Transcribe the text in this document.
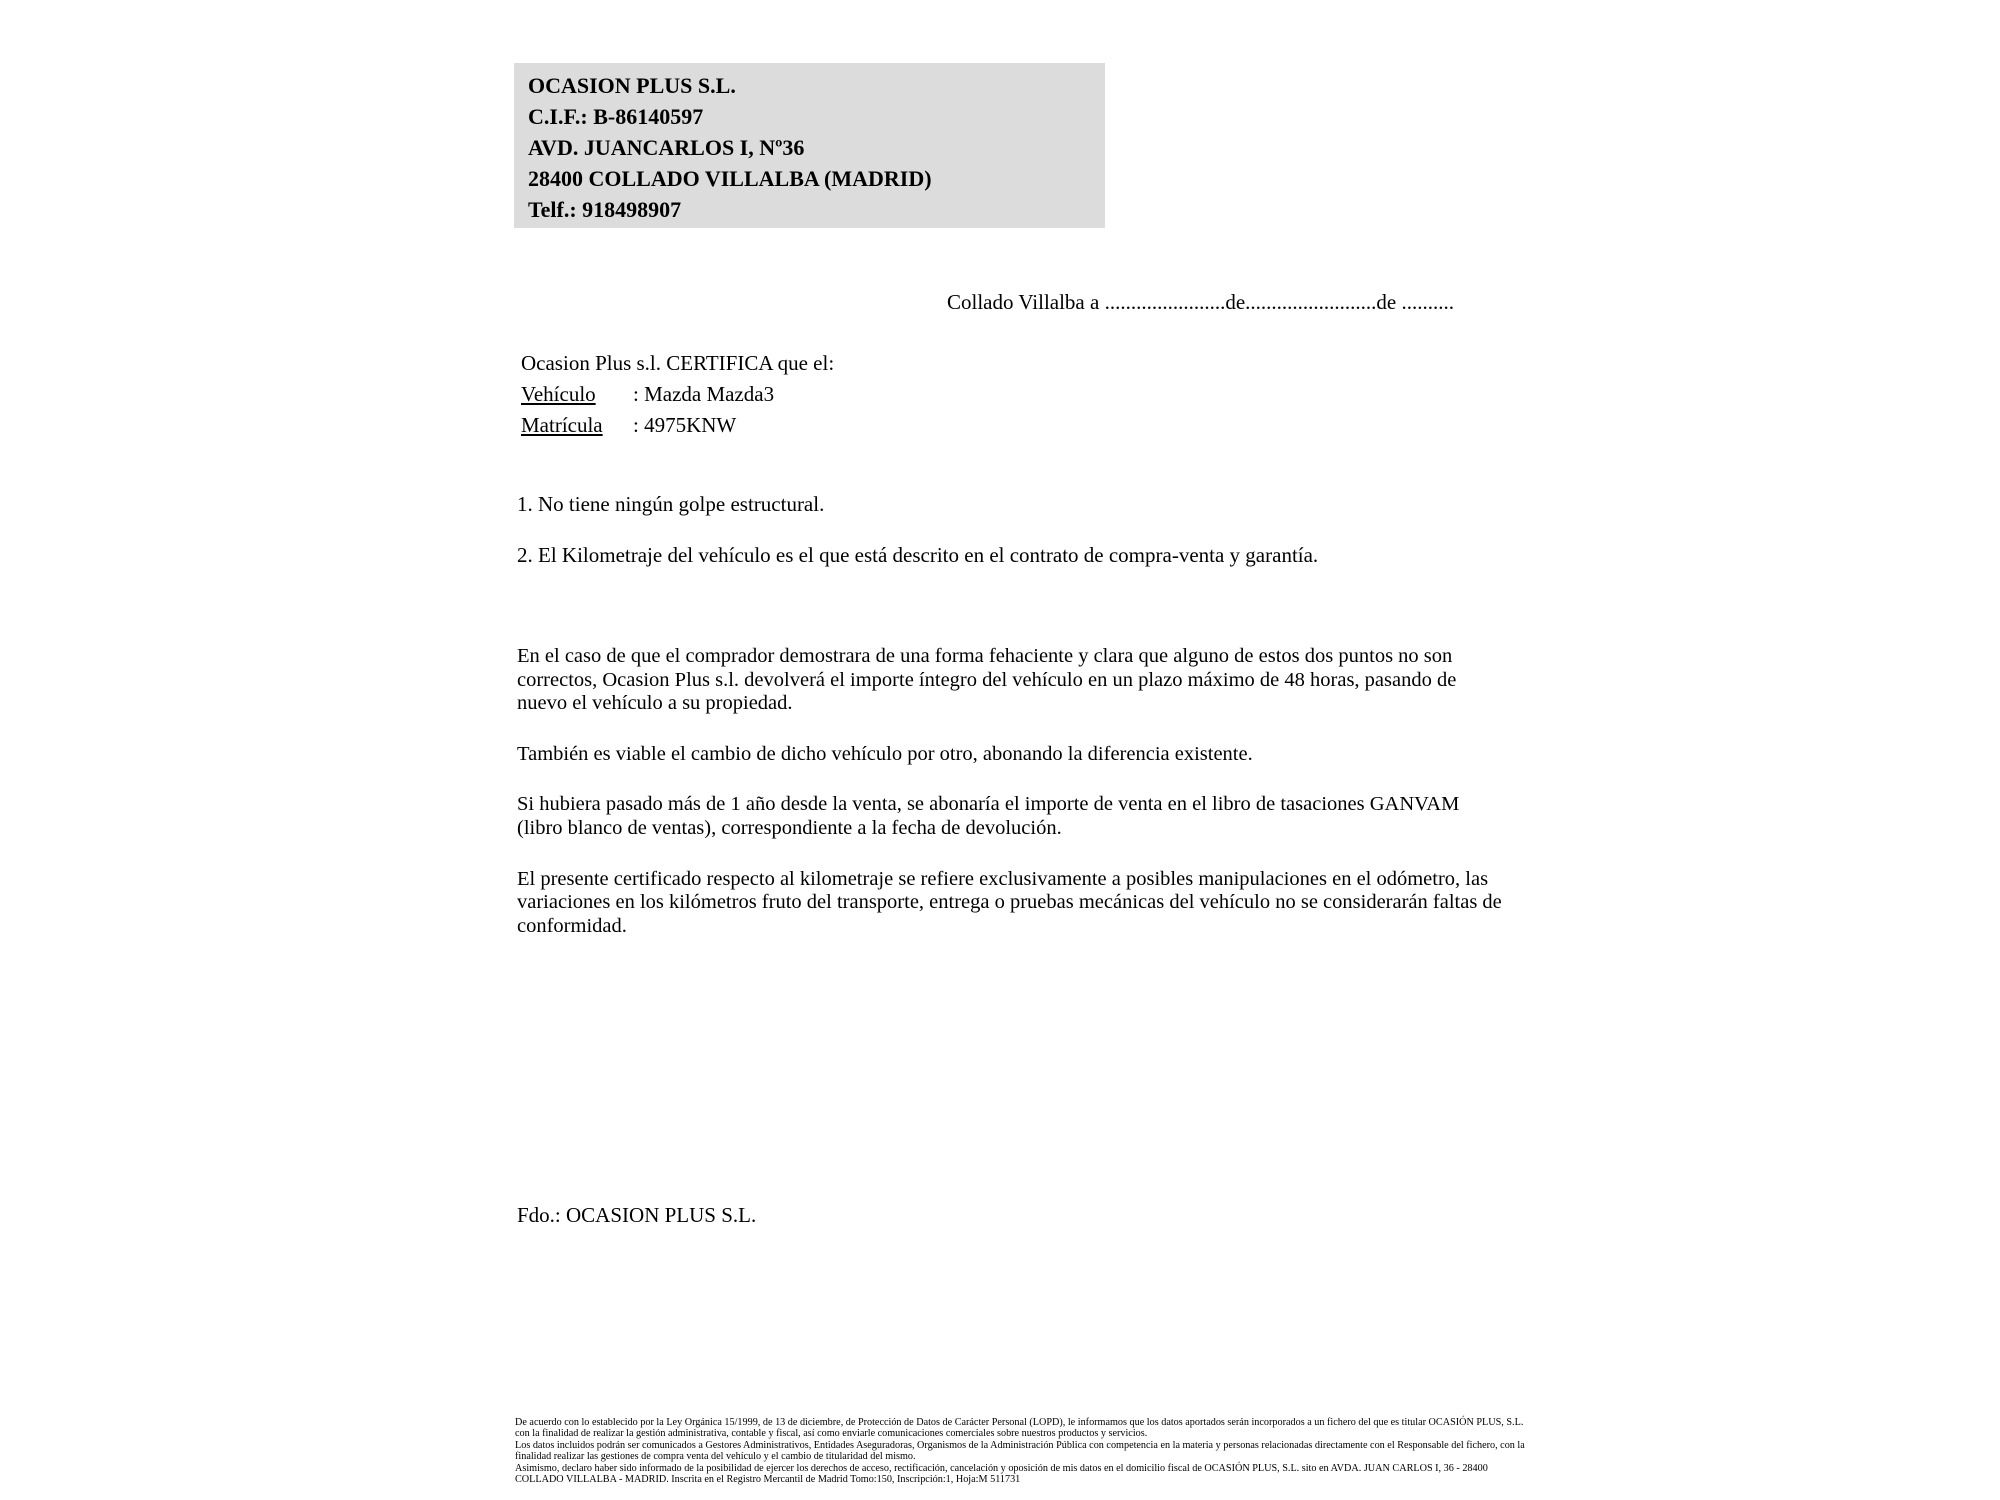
OCASION PLUS S.L.
C.I.F.: B-86140597
AVD. JUANCARLOS I, Nº36
28400 COLLADO VILLALBA (MADRID)
Telf.: 918498907
Collado Villalba a .......................de.........................de ..........
Ocasion Plus s.l. CERTIFICA que el:
Vehículo : Mazda Mazda3
Matrícula : 4975KNW
1. No tiene ningún golpe estructural.
2. El Kilometraje del vehículo es el que está descrito en el contrato de compra-venta y garantía.
En el caso de que el comprador demostrara de una forma fehaciente y clara que alguno de estos dos puntos no son correctos, Ocasion Plus s.l. devolverá el importe íntegro del vehículo en un plazo máximo de 48 horas, pasando de nuevo el vehículo a su propiedad.
También es viable el cambio de dicho vehículo por otro, abonando la diferencia existente.
Si hubiera pasado más de 1 año desde la venta, se abonaría el importe de venta en el libro de tasaciones GANVAM (libro blanco de ventas), correspondiente a la fecha de devolución.
El presente certificado respecto al kilometraje se refiere exclusivamente a posibles manipulaciones en el odómetro, las variaciones en los kilómetros fruto del transporte, entrega o pruebas mecánicas del vehículo no se considerarán faltas de conformidad.
Fdo.: OCASION PLUS S.L.
De acuerdo con lo establecido por la Ley Orgánica 15/1999, de 13 de diciembre, de Protección de Datos de Carácter Personal (LOPD), le informamos que los datos aportados serán incorporados a un fichero del que es titular OCASIÓN PLUS, S.L. con la finalidad de realizar la gestión administrativa, contable y fiscal, así como enviarle comunicaciones comerciales sobre nuestros productos y servicios.
Los datos incluidos podrán ser comunicados a Gestores Administrativos, Entidades Aseguradoras, Organismos de la Administración Pública con competencia en la materia y personas relacionadas directamente con el Responsable del fichero, con la finalidad realizar las gestiones de compra venta del vehículo y el cambio de titularidad del mismo.
Asimismo, declaro haber sido informado de la posibilidad de ejercer los derechos de acceso, rectificación, cancelación y oposición de mis datos en el domicilio fiscal de OCASIÓN PLUS, S.L. sito en AVDA. JUAN CARLOS I, 36 - 28400 COLLADO VILLALBA - MADRID. Inscrita en el Registro Mercantil de Madrid Tomo:150, Inscripción:1, Hoja:M 511731
